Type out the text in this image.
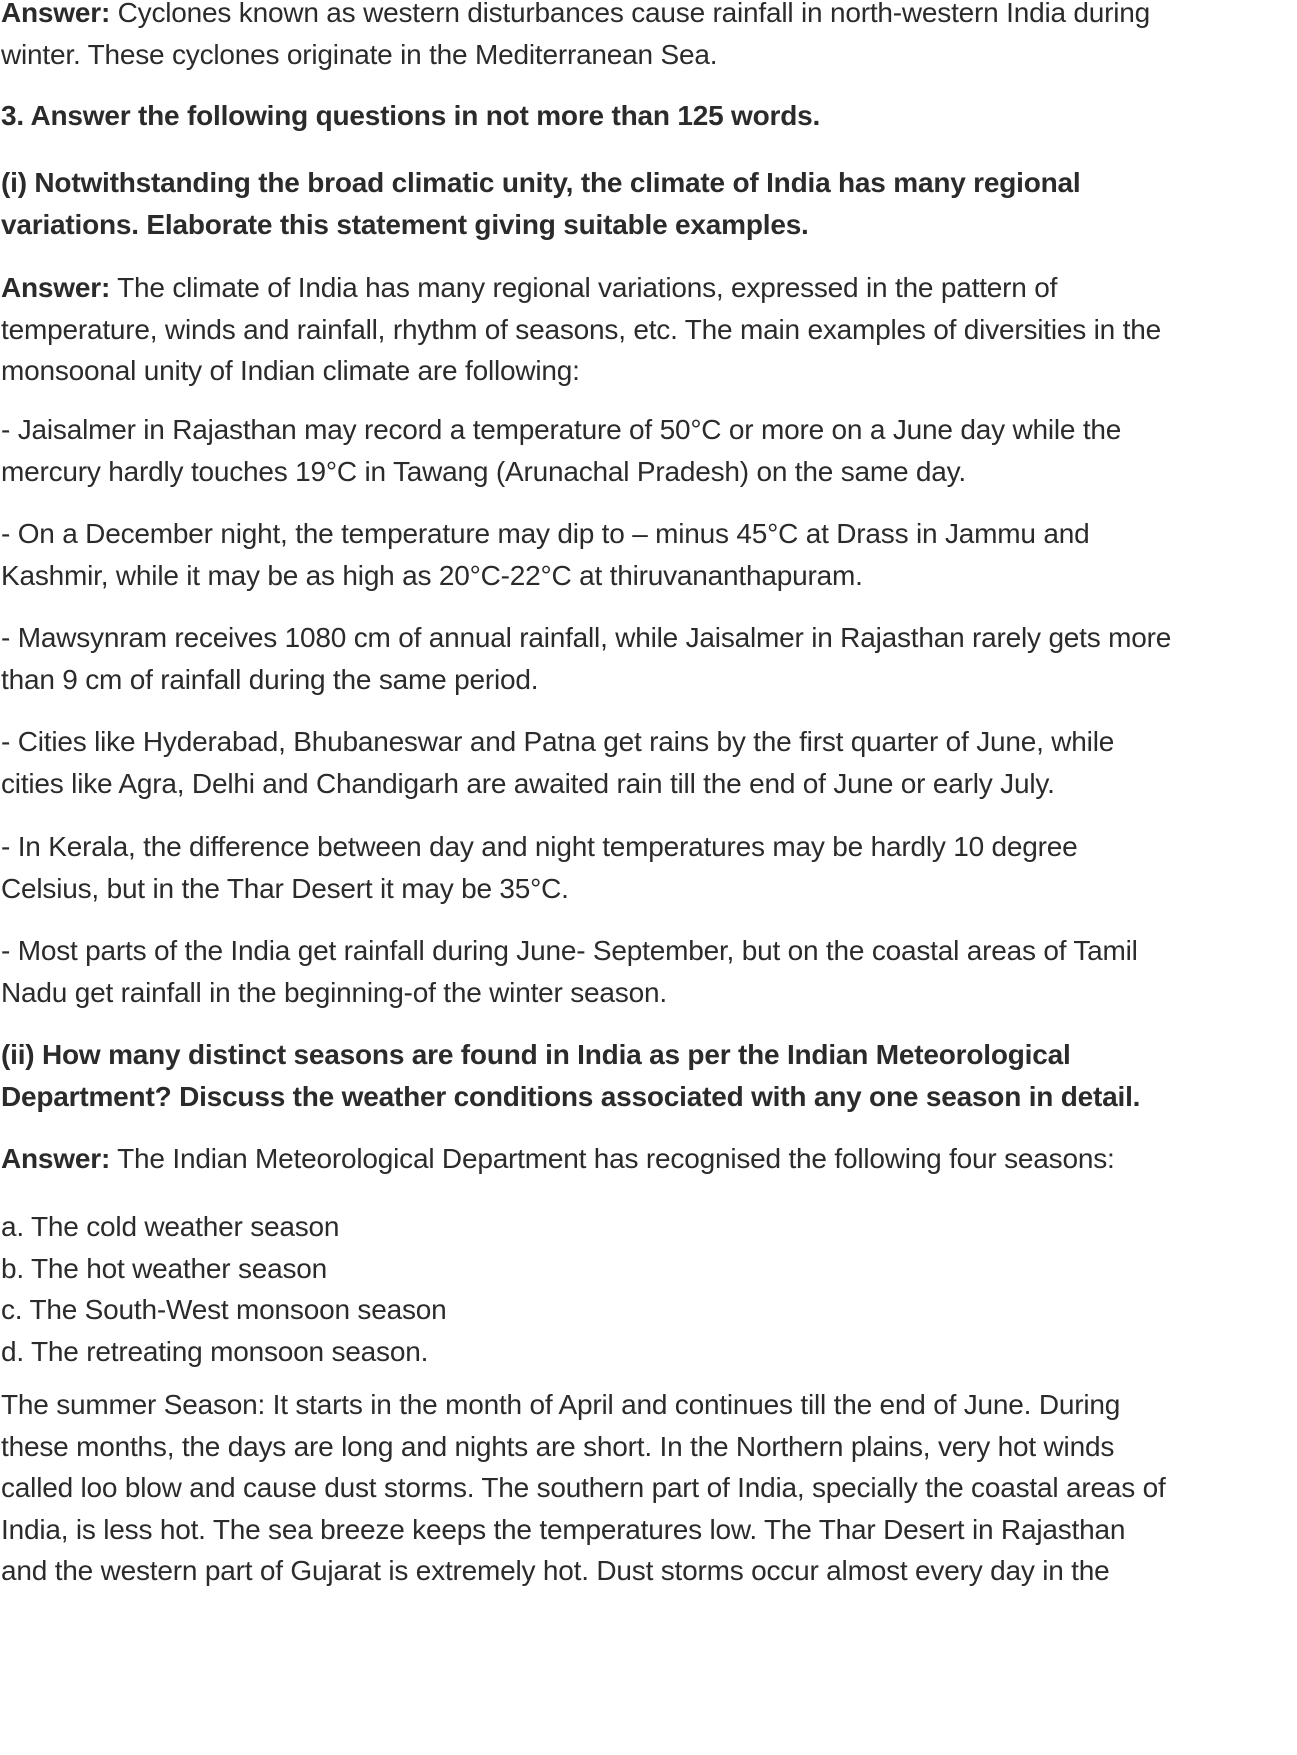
Answer: Cyclones known as western disturbances cause rainfall in north-western India during
winter. These cyclones originate in the Mediterranean Sea.

3. Answer the following questions in not more than 125 words.

(i) Notwithstanding the broad climatic unity, the climate of India has many regional
variations. Elaborate this statement giving suitable examples.

Answer: The climate of India has many regional variations, expressed in the pattern of
temperature, winds and rainfall, rhythm of seasons, etc. The main examples of diversities in the
monsoonal unity of Indian climate are following:

- Jaisalmer in Rajasthan may record a temperature of 50°C or more on a June day while the
mercury hardly touches 19°C in Tawang (Arunachal Pradesh) on the same day.

- On a December night, the temperature may dip to – minus 45°C at Drass in Jammu and
Kashmir, while it may be as high as 20°C-22°C at thiruvananthapuram.

- Mawsynram receives 1080 cm of annual rainfall, while Jaisalmer in Rajasthan rarely gets more
than 9 cm of rainfall during the same period.

- Cities like Hyderabad, Bhubaneswar and Patna get rains by the first quarter of June, while
cities like Agra, Delhi and Chandigarh are awaited rain till the end of June or early July.

- In Kerala, the difference between day and night temperatures may be hardly 10 degree
Celsius, but in the Thar Desert it may be 35°C.

- Most parts of the India get rainfall during June- September, but on the coastal areas of Tamil
Nadu get rainfall in the beginning-of the winter season.

(ii) How many distinct seasons are found in India as per the Indian Meteorological
Department? Discuss the weather conditions associated with any one season in detail.

Answer: The Indian Meteorological Department has recognised the following four seasons:

a. The cold weather season
b. The hot weather season
c. The South-West monsoon season
d. The retreating monsoon season.

The summer Season: It starts in the month of April and continues till the end of June. During
these months, the days are long and nights are short. In the Northern plains, very hot winds
called loo blow and cause dust storms. The southern part of India, specially the coastal areas of
India, is less hot. The sea breeze keeps the temperatures low. The Thar Desert in Rajasthan
and the western part of Gujarat is extremely hot. Dust storms occur almost every day in the
